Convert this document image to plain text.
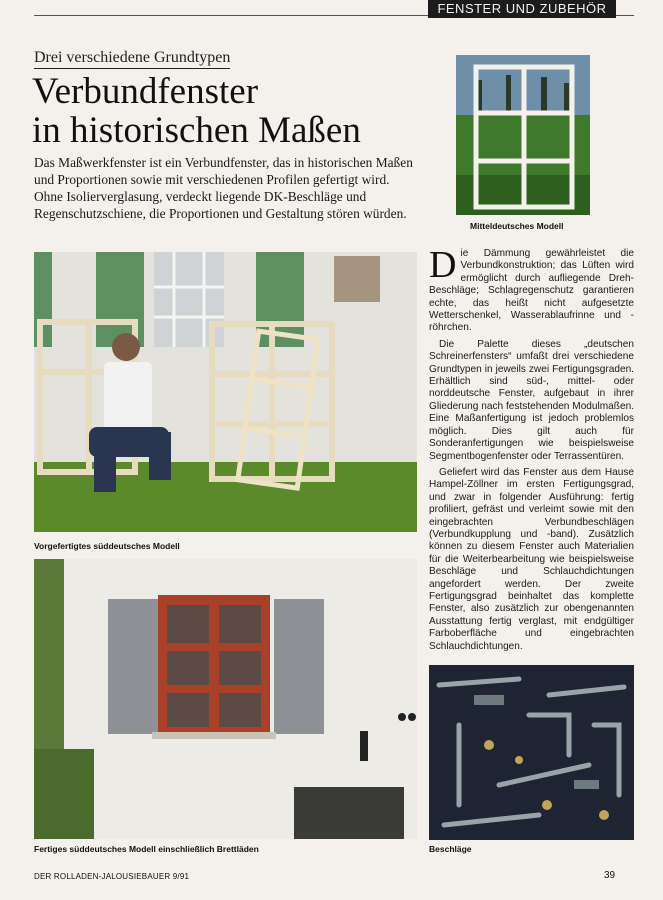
FENSTER UND ZUBEHÖR
Drei verschiedene Grundtypen
Verbundfenster
in historischen Maßen

Das Maßwerkfenster ist ein Verbundfenster, das in historischen Maßen und Proportionen sowie mit verschiedenen Profilen gefertigt wird. Ohne Isolierverglasung, verdeckt liegende DK-Beschläge und Regenschutzschiene, die Proportionen und Gestaltung stören würden.

Mitteldeutsches Modell
Vorgefertigtes süddeutsches Modell
Fertiges süddeutsches Modell einschließlich Brettläden	Beschläge

Die Dämmung gewährleistet die Verbundkonstruktion; das Lüften wird ermöglicht durch aufliegende Dreh-Beschläge; Schlagregenschutz garantieren echte, das heißt nicht aufgesetzte Wetterschenkel, Wasserablaufrinne und -röhrchen.

Die Palette dieses „deutschen Schreinerfensters“ umfaßt drei verschiedene Grundtypen in jeweils zwei Fertigungsgraden. Erhältlich sind süd-, mittel- oder norddeutsche Fenster, aufgebaut in ihrer Gliederung nach feststehenden Modulmaßen. Eine Maßanfertigung ist jedoch problemlos möglich. Dies gilt auch für Sonderanfertigungen wie beispielsweise Segmentbogenfenster oder Terrassentüren.

Geliefert wird das Fenster aus dem Hause Hampel-Zöllner im ersten Fertigungsgrad, und zwar in folgender Ausführung: fertig profiliert, gefräst und verleimt sowie mit den eingebrachten Verbundbeschlägen (Verbundkupplung und -band). Zusätzlich können zu diesem Fenster auch Materialien für die Weiterbearbeitung wie beispielsweise Beschläge und Schlauchdichtungen angefordert werden. Der zweite Fertigungsgrad beinhaltet das komplette Fenster, also zusätzlich zur obengenannten Ausstattung fertig verglast, mit endgültiger Farboberfläche und eingebrachten Schlauchdichtungen.

DER ROLLADEN-JALOUSIEBAUER 9/91	39
